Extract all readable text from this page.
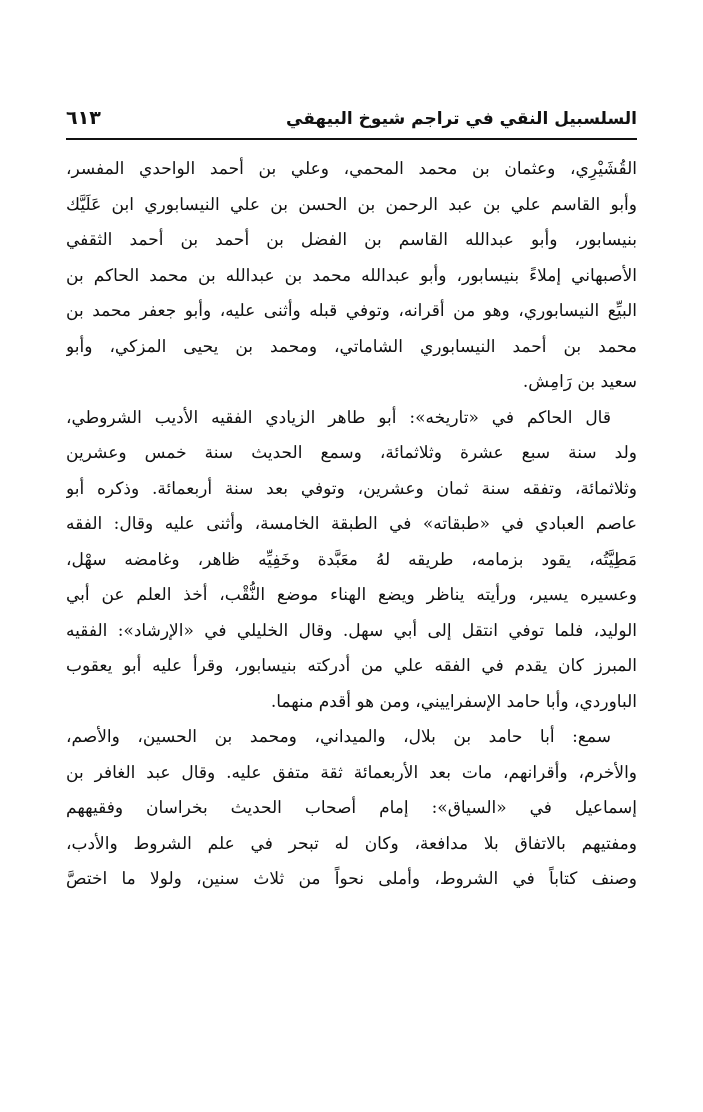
السلسبيل النقي في تراجم شيوخ البيهقي
٦١٣

القُشَيْرِي، وعثمان بن محمد المحمي، وعلي بن أحمد الواحدي المفسر،
وأبو القاسم علي بن عبد الرحمن بن الحسن بن علي النيسابوري ابن عَلَيَّك
بنيسابور، وأبو عبدالله القاسم بن الفضل بن أحمد بن أحمد الثقفي
الأصبهاني إملاءً بنيسابور، وأبو عبدالله محمد بن عبدالله بن محمد الحاكم بن
البيِّع النيسابوري، وهو من أقرانه، وتوفي قبله وأثنى عليه، وأبو جعفر محمد بن
محمد بن أحمد النيسابوري الشاماتي، ومحمد بن يحيى المزكي، وأبو
سعيد بن رَامِش.

قال الحاكم في «تاريخه»: أبو طاهر الزيادي الفقيه الأديب الشروطي،
ولد سنة سبع عشرة وثلاثمائة، وسمع الحديث سنة خمس وعشرين
وثلاثمائة، وتفقه سنة ثمان وعشرين، وتوفي بعد سنة أربعمائة. وذكره أبو
عاصم العبادي في «طبقاته» في الطبقة الخامسة، وأثنى عليه وقال: الفقه
مَطِيَّتُه، يقود بزمامه، طريقه لهُ معَبَّدة وخَفِيِّه ظاهر، وغامضه سهْل،
وعسيره يسير، ورأيته يناظر ويضع الهناء موضع النُّقْب، أخذ العلم عن أبي
الوليد، فلما توفي انتقل إلى أبي سهل. وقال الخليلي في «الإرشاد»: الفقيه
المبرز كان يقدم في الفقه علي من أدركته بنيسابور، وقرأ عليه أبو يعقوب
الباوردي، وأبا حامد الإسفراييني، ومن هو أقدم منهما.

سمع: أبا حامد بن بلال، والميداني، ومحمد بن الحسين، والأصم،
والأخرم، وأقرانهم، مات بعد الأربعمائة ثقة متفق عليه. وقال عبد الغافر بن
إسماعيل في «السياق»: إمام أصحاب الحديث بخراسان وفقيههم
ومفتيهم بالاتفاق بلا مدافعة، وكان له تبحر في علم الشروط والأدب،
وصنف كتاباً في الشروط، وأملى نحواً من ثلاث سنين، ولولا ما اختصَّ
